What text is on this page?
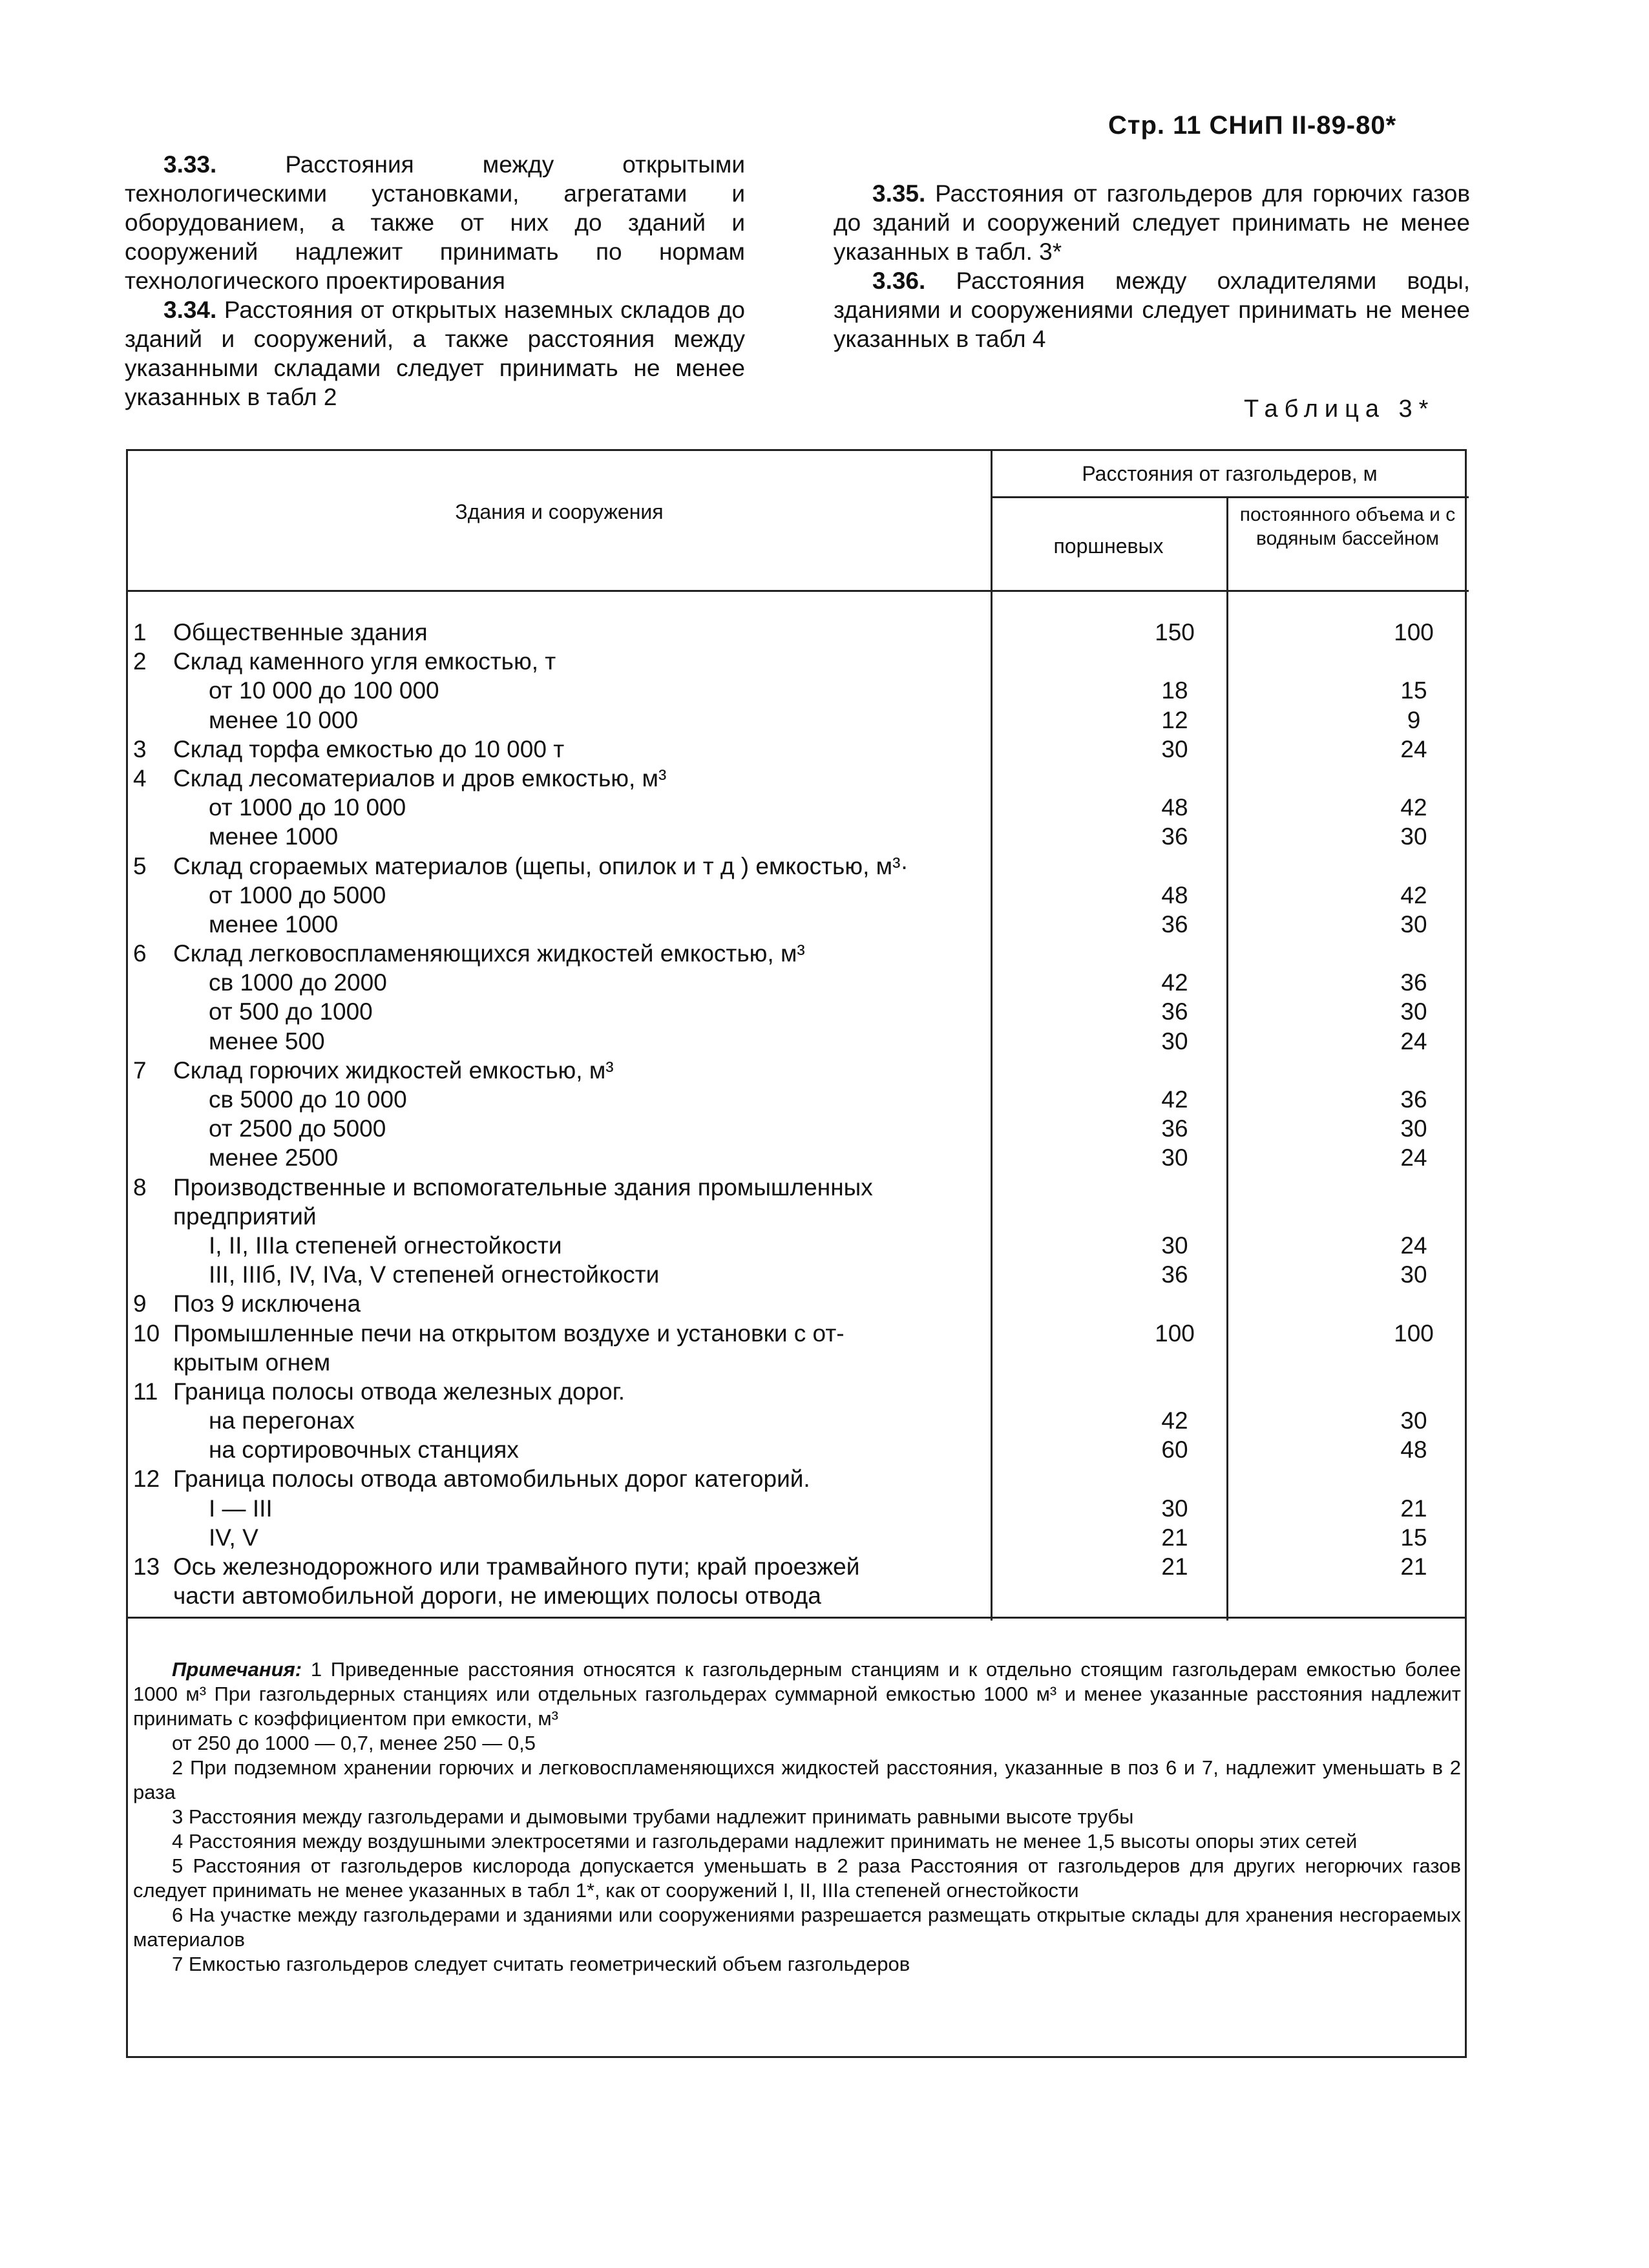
Стр. 11 СНиП II-89-80*

3.33.	Расстояния между открытыми технологическими установками, агрегатами и оборудованием, а также от них до зданий и сооружений надлежит принимать по нормам технологического проектирования

3.34. Расстояния от открытых наземных складов до зданий и сооружений, а также расстояния между указанными складами следует принимать не менее указанных в табл 2

3.35. Расстояния от газгольдеров для горючих газов до зданий и сооружений следует принимать не менее указанных в табл. 3*

3.36. Расстояния между охладителями воды, зданиями и сооружениями следует принимать не менее указанных в табл 4

Таблица 3*
Здания и сооружения
Расстояния от газгольдеров, м
поршневых
постоянного объема и с водяным бассейном
1 Общественные здания	150	100
2 Склад каменного угля емкостью, т
от 10 000 до 100 000	18	15
менее 10 000	12	9
3 Склад торфа емкостью до 10 000 т	30	24
4 Склад лесоматериалов и дров емкостью, м³
от 1000 до 10 000	48	42
менее 1000	36	30
5 Склад сгораемых материалов (щепы, опилок и т д ) емкостью, м³·
от 1000 до 5000	48	42
менее 1000	36	30
6 Склад легковоспламеняющихся жидкостей емкостью, м³
св 1000 до 2000	42	36
от 500 до 1000	36	30
менее 500	30	24
7 Склад горючих жидкостей емкостью, м³
св 5000 до 10 000	42	36
от 2500 до 5000	36	30
менее 2500	30	24
8 Производственные и вспомогательные здания промышленных
предприятий
I, II, IIIa степеней огнестойкости	30	24
III, IIIб, IV, IVa, V степеней огнестойкости	36	30
9 Поз 9 исключена
10 Промышленные печи на открытом воздухе и установки с от-	100	100
крытым огнем
11 Граница полосы отвода железных дорог.
на перегонах	42	30
на сортировочных станциях	60	48
12 Граница полосы отвода автомобильных дорог категорий.
I — III	30	21
IV, V	21	15
13 Ось железнодорожного или трамвайного пути; край проезжей	21	21
части автомобильной дороги, не имеющих полосы отвода

Примечания: 1 Приведенные расстояния относятся к газгольдерным станциям и к отдельно стоящим газгольдерам емкостью более 1000 м³ При газгольдерных станциях или отдельных газгольдерах суммарной емкостью 1000 м³ и менее указанные расстояния надлежит принимать с коэффициентом при емкости, м³

от 250 до 1000 — 0,7, менее 250 — 0,5

2 При подземном хранении горючих и легковоспламеняющихся жидкостей расстояния, указанные в поз 6 и 7, надлежит уменьшать в 2 раза

3 Расстояния между газгольдерами и дымовыми трубами надлежит принимать равными высоте трубы

4 Расстояния между воздушными электросетями и газгольдерами надлежит принимать не менее 1,5 высоты опоры этих сетей

5 Расстояния от газгольдеров кислорода допускается уменьшать в 2 раза Расстояния от газгольдеров для других негорючих газов следует принимать не менее указанных в табл 1*, как от сооружений I, II, IIIa степеней огнестойкости

6 На участке между газгольдерами и зданиями или сооружениями разрешается размещать открытые склады для хранения несгораемых материалов

7 Емкостью газгольдеров следует считать геометрический объем газгольдеров
